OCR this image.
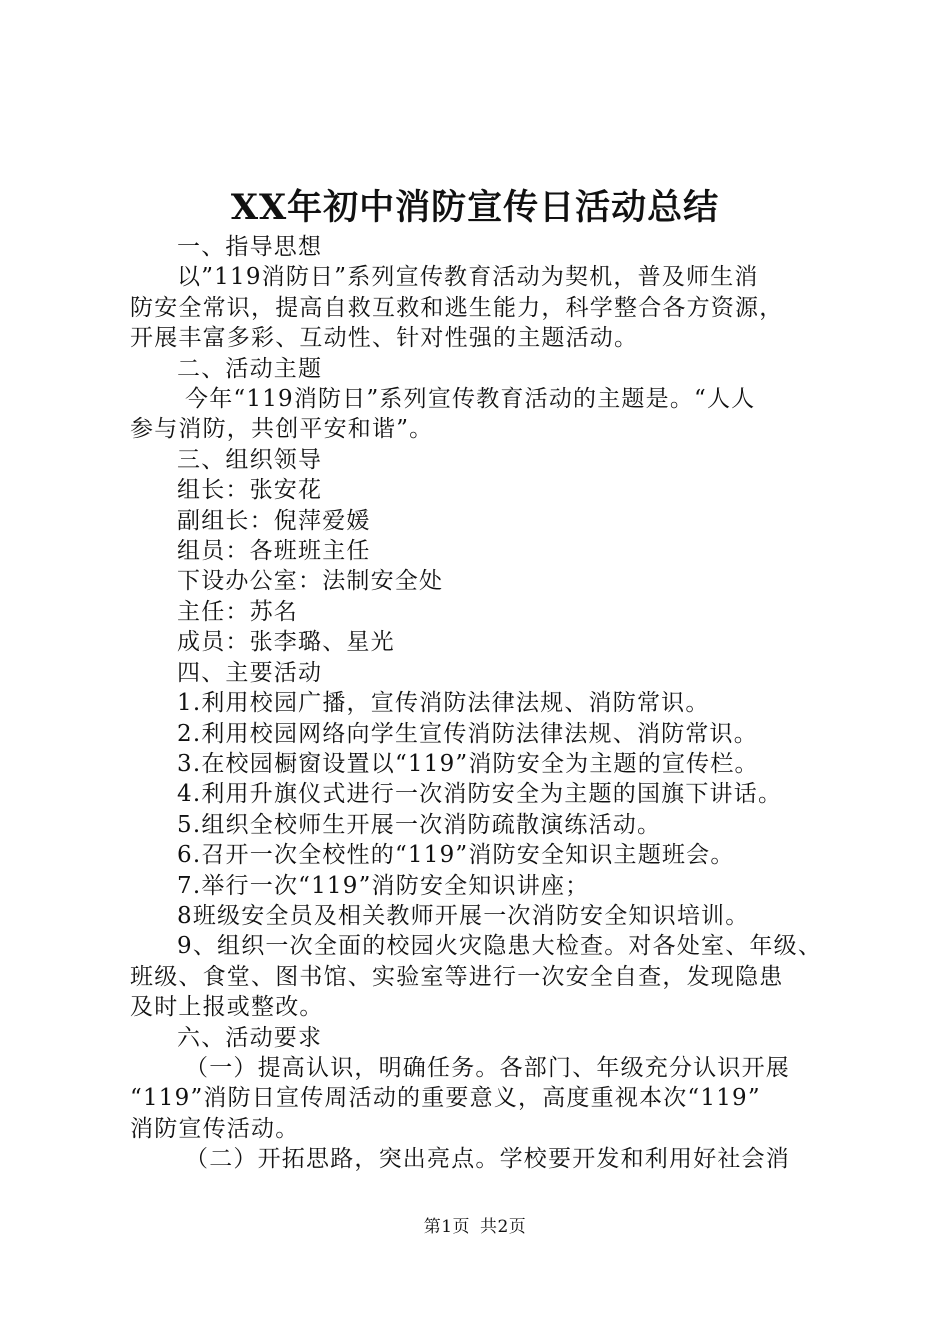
XX年初中消防宣传日活动总结

一、指导思想

以”119消防日”系列宣传教育活动为契机，普及师生消

防安全常识，提高自救互救和逃生能力，科学整合各方资源，

开展丰富多彩、互动性、针对性强的主题活动。

二、活动主题

今年“119消防日”系列宣传教育活动的主题是。“人人

参与消防，共创平安和谐”。

三、组织领导

组长：张安花

副组长：倪萍爱媛

组员：各班班主任

下设办公室：法制安全处

主任：苏名

成员：张李璐、星光

四、主要活动

1.利用校园广播，宣传消防法律法规、消防常识。

2.利用校园网络向学生宣传消防法律法规、消防常识。

3.在校园橱窗设置以“119”消防安全为主题的宣传栏。

4.利用升旗仪式进行一次消防安全为主题的国旗下讲话。

5.组织全校师生开展一次消防疏散演练活动。

6.召开一次全校性的“119”消防安全知识主题班会。

7.举行一次“119”消防安全知识讲座；

8班级安全员及相关教师开展一次消防安全知识培训。

9、组织一次全面的校园火灾隐患大检查。对各处室、年级、

班级、食堂、图书馆、实验室等进行一次安全自查，发现隐患

及时上报或整改。

六、活动要求

（一）提高认识，明确任务。各部门、年级充分认识开展

“119”消防日宣传周活动的重要意义，高度重视本次“119”

消防宣传活动。

（二）开拓思路，突出亮点。学校要开发和利用好社会消

第1页 共2页
